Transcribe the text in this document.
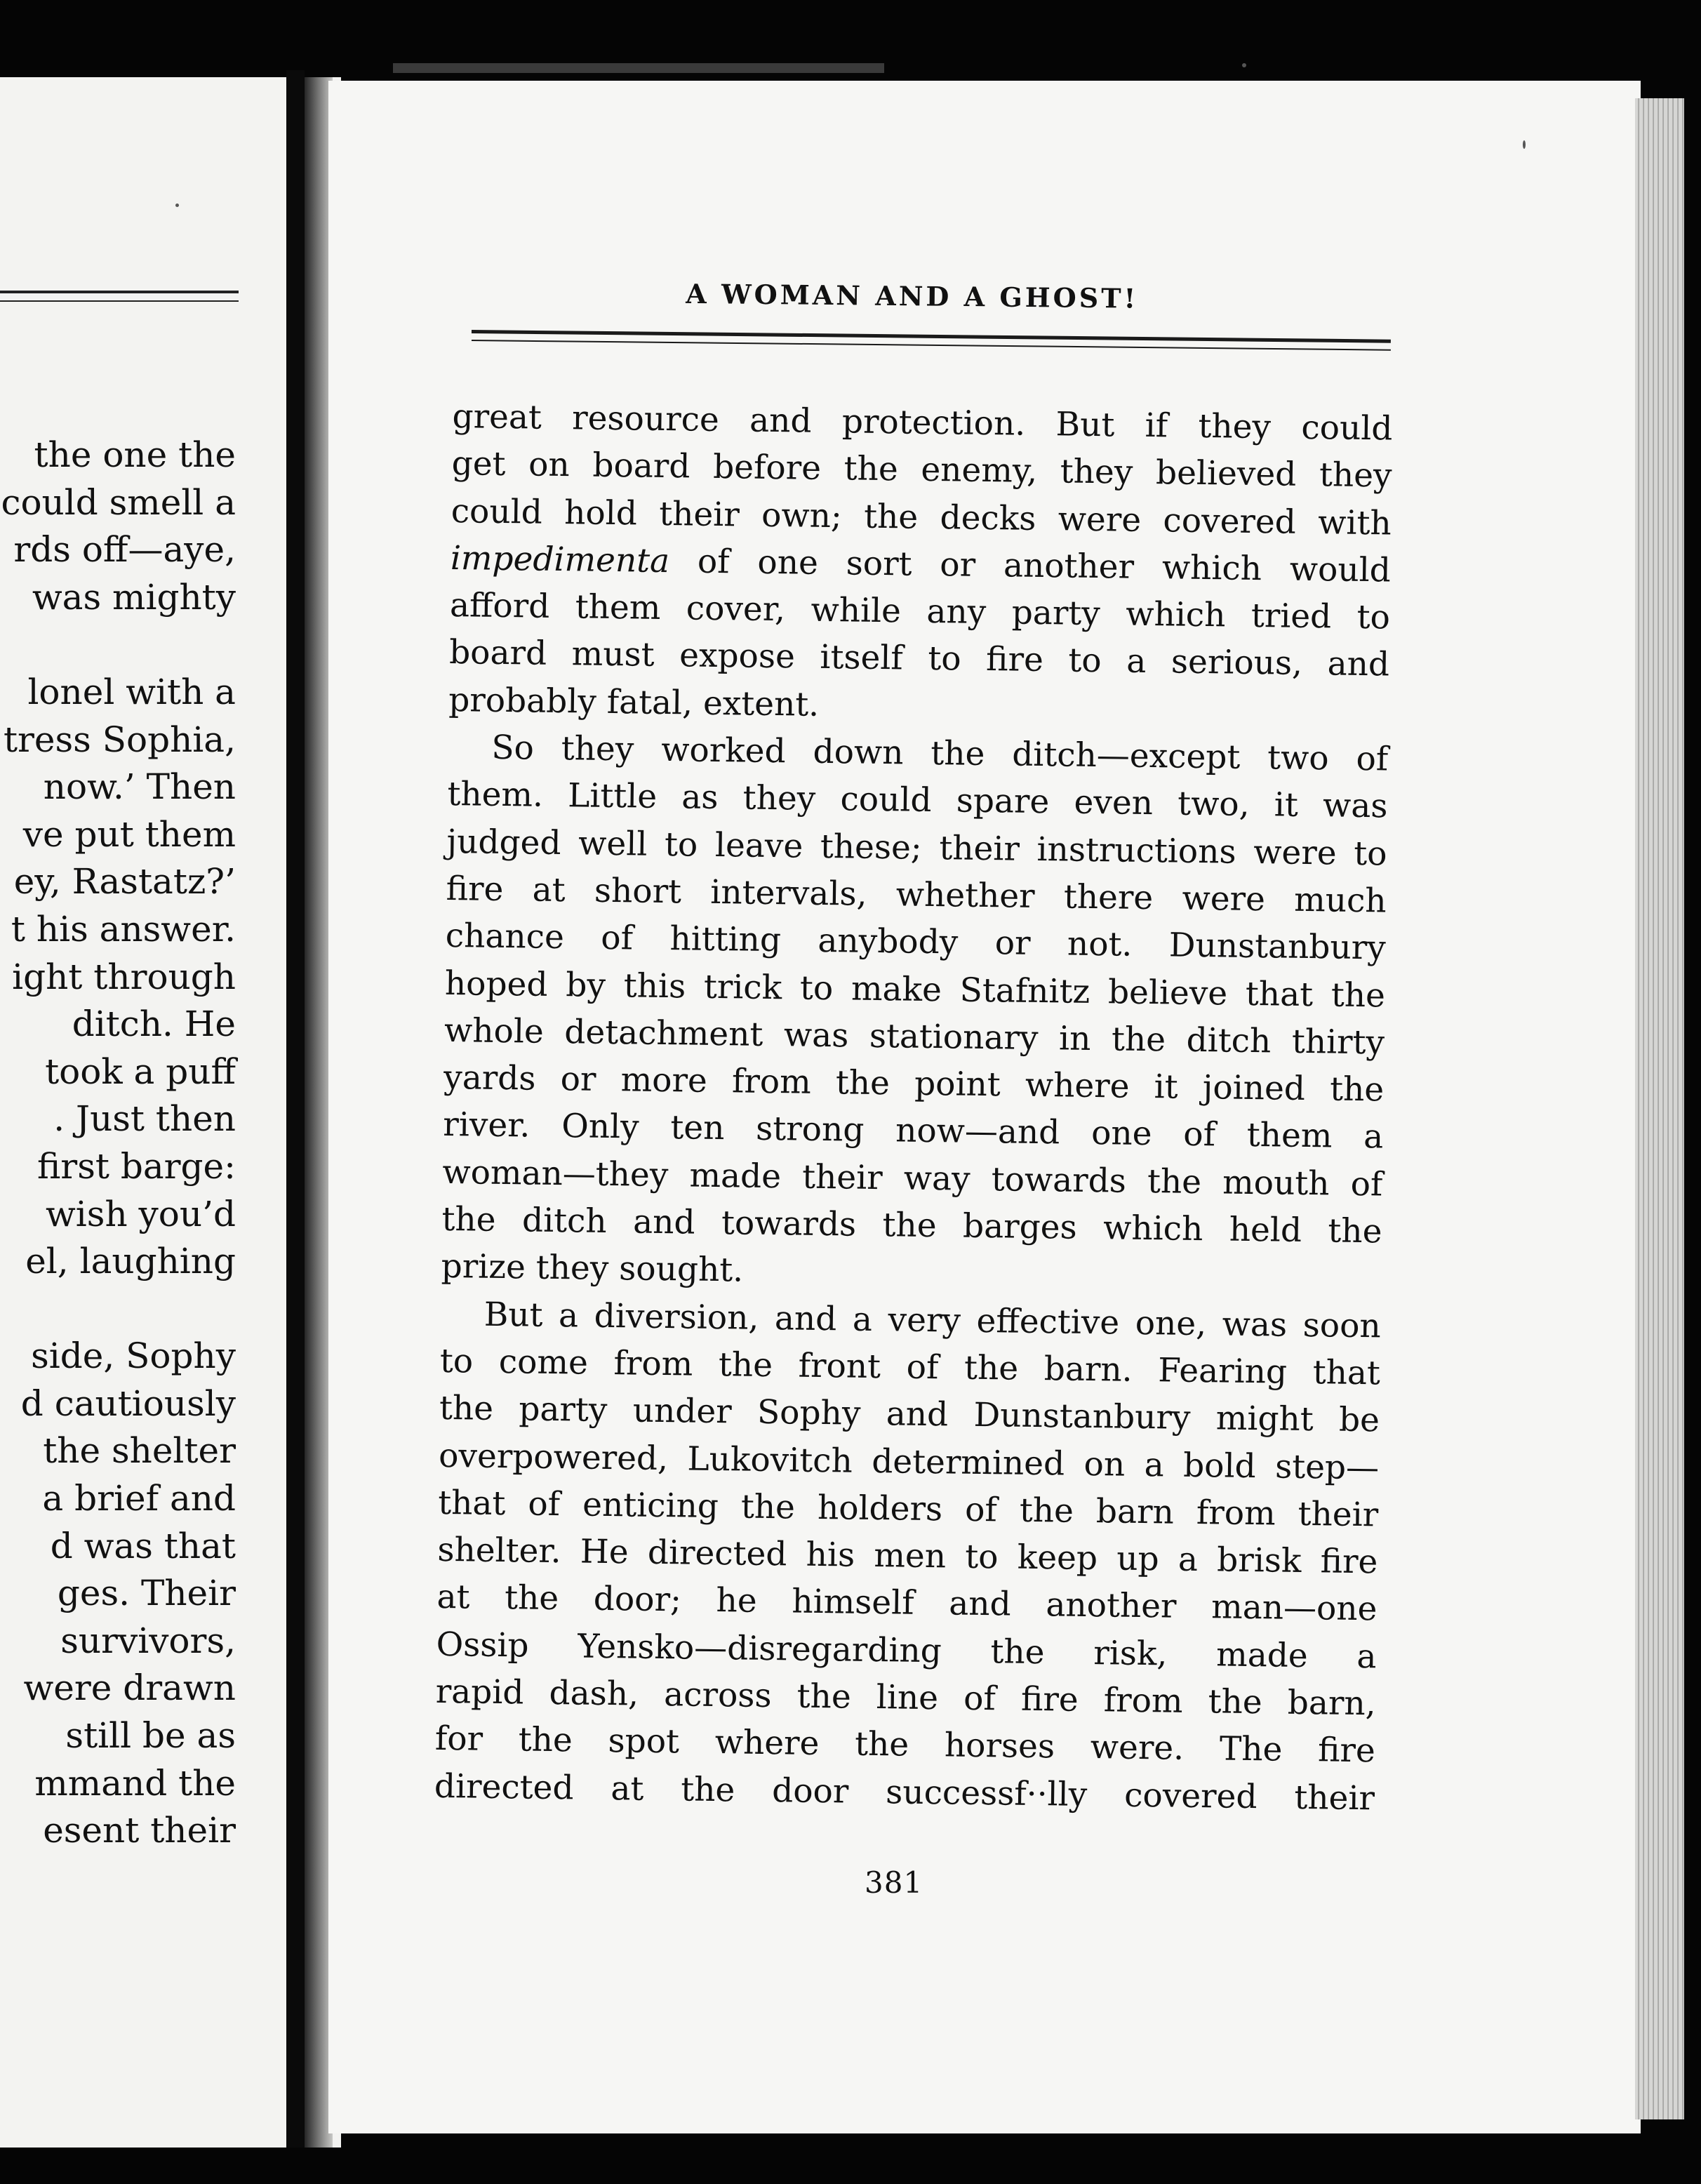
the one the
could smell a
rds off—aye,
was mighty
lonel with a
tress Sophia,
now.’ Then
ve put them
ey, Rastatz?’
t his answer.
ight through
ditch. He
took a puff
. Just then
first barge:
wish you’d
el, laughing
side, Sophy
d cautiously
the shelter
a brief and
d was that
ges. Their
survivors,
were drawn
still be as
mmand the
esent their
A WOMAN AND A GHOST!
great resource and protection. But if they could
get on board before the enemy, they believed they
could hold their own; the decks were covered with
impedimenta of one sort or another which would
afford them cover, while any party which tried to
board must expose itself to fire to a serious, and
probably fatal, extent.
So they worked down the ditch—except two of
them. Little as they could spare even two, it was
judged well to leave these; their instructions were to
fire at short intervals, whether there were much
chance of hitting anybody or not. Dunstanbury
hoped by this trick to make Stafnitz believe that the
whole detachment was stationary in the ditch thirty
yards or more from the point where it joined the
river. Only ten strong now—and one of them a
woman—they made their way towards the mouth of
the ditch and towards the barges which held the
prize they sought.
But a diversion, and a very effective one, was soon
to come from the front of the barn. Fearing that
the party under Sophy and Dunstanbury might be
overpowered, Lukovitch determined on a bold step—
that of enticing the holders of the barn from their
shelter. He directed his men to keep up a brisk fire
at the door; he himself and another man—one
Ossip Yensko—disregarding the risk, made a
rapid dash, across the line of fire from the barn,
for the spot where the horses were. The fire
directed at the door successf··lly covered their
381
